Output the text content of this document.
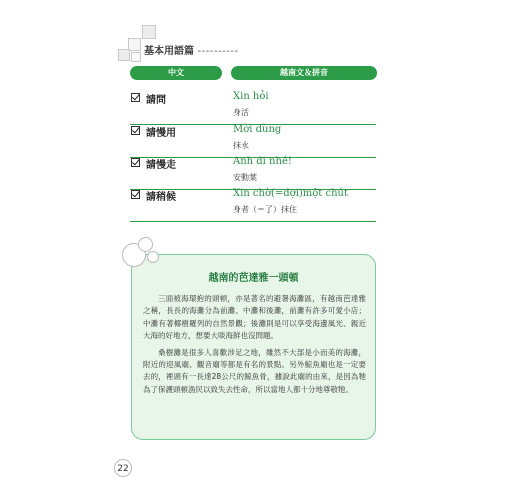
基本用語篇 ----------
中文	越南文＆拼音
請問	Xin hỏi
身活
請慢用	Mời dùng
抹永
請慢走	Anh đi nhé!
安動葉
請稍候	Xin chờ(=đợi)một chút
身者（＝了）抹住
越南的芭達雅一頭頓

三面被海環抱的頭頓，亦是著名的避暑海灘區，有越南芭達雅之稱，長長的海灘分為前灘、中灘和後灘，前灘有許多可愛小店；中灘有著椰樹羅列的自然景觀；後灘則是可以享受海邊風光、親近大海的好地方，想要大啖海鮮也沒問題。

桑樹灘是很多人喜歡涉足之地，雖然不大部是小而美的海灘，附近的迎風廟、觀音廟等都是有名的景點。另外鯨魚廟也是一定要去的，裡頭有一長達28公尺的鯨魚骨，據說此廟的由來，是因為牠為了保護頭頓漁民以致失去性命，所以當地人都十分地尊敬牠。

22
